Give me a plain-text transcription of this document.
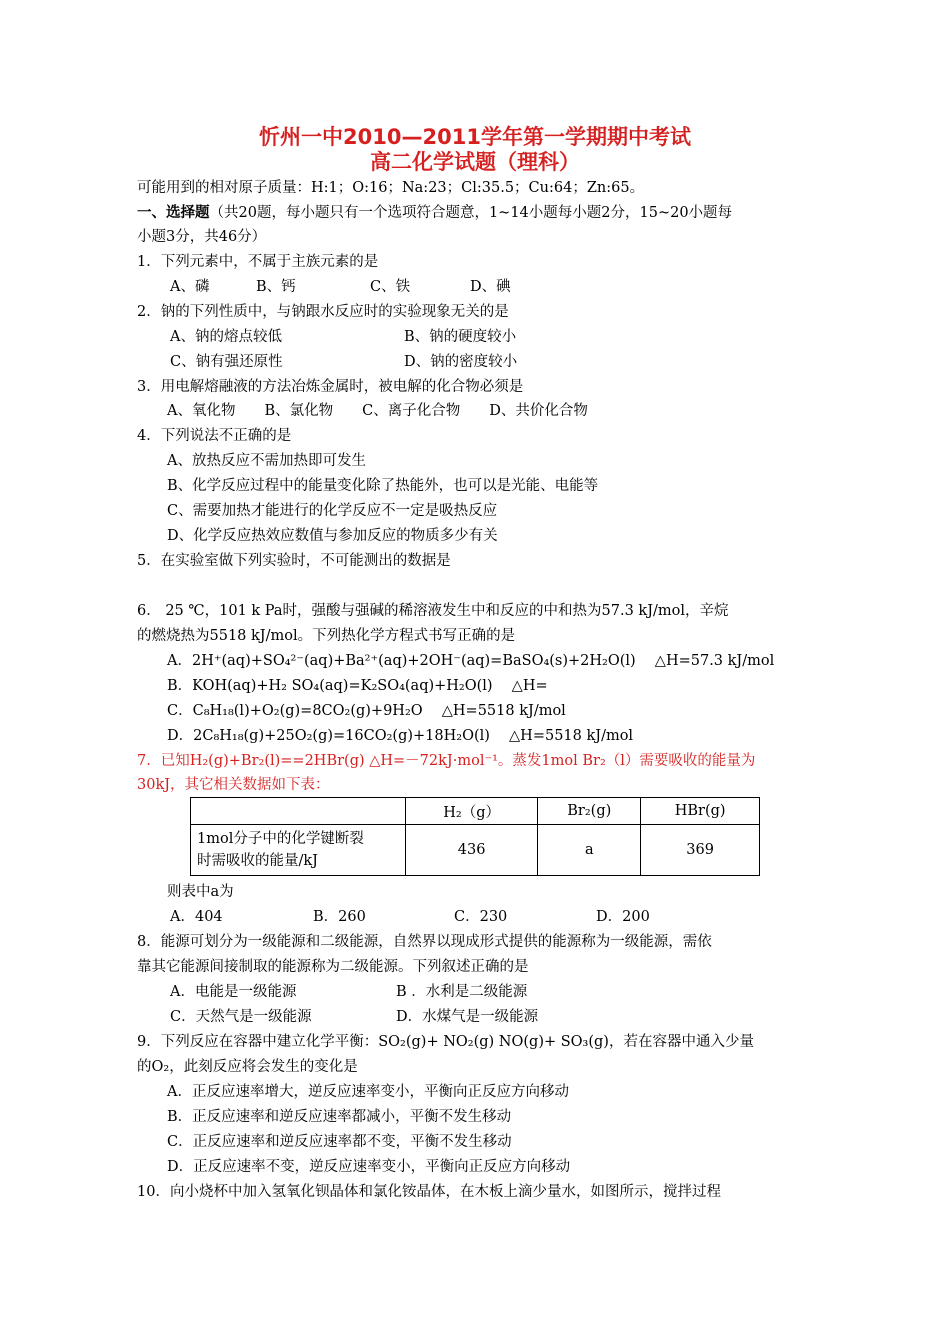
忻州一中2010—2011学年第一学期期中考试
高二化学试题（理科）
可能用到的相对原子质量：H:1；O:16；Na:23；Cl:35.5；Cu:64；Zn:65。
一、选择题（共20题，每小题只有一个选项符合题意，1~14小题每小题2分，15~20小题每
小题3分，共46分）
1．下列元素中，不属于主族元素的是
A、磷	B、钙	C、铁	D、碘
2．钠的下列性质中，与钠跟水反应时的实验现象无关的是
A、钠的熔点较低	B、钠的硬度较小
C、钠有强还原性	D、钠的密度较小
3．用电解熔融液的方法冶炼金属时，被电解的化合物必须是
A、氧化物　　B、氯化物　　C、离子化合物　　D、共价化合物
4．下列说法不正确的是
A、放热反应不需加热即可发生
B、化学反应过程中的能量变化除了热能外，也可以是光能、电能等
C、需要加热才能进行的化学反应不一定是吸热反应
D、化学反应热效应数值与参加反应的物质多少有关
5．在实验室做下列实验时，不可能测出的数据是
6． 25 ℃，101 k Pa时，强酸与强碱的稀溶液发生中和反应的中和热为57.3 kJ/mol，辛烷
的燃烧热为5518 kJ/mol。下列热化学方程式书写正确的是
A．2H⁺(aq)+SO₄²⁻(aq)+Ba²⁺(aq)+2OH⁻(aq)=BaSO₄(s)+2H₂O(l)　 △H=57.3 kJ/mol
B．KOH(aq)+H₂ SO₄(aq)=K₂SO₄(aq)+H₂O(l)　 △H=
C．C₈H₁₈(l)+O₂(g)=8CO₂(g)+9H₂O　 △H=5518 kJ/mol
D．2C₈H₁₈(g)+25O₂(g)=16CO₂(g)+18H₂O(l)　 △H=5518 kJ/mol
7．已知H₂(g)+Br₂(l)==2HBr(g) △H=－72kJ·mol⁻¹。蒸发1mol Br₂（l）需要吸收的能量为
30kJ，其它相关数据如下表：
	H₂（g）	Br₂(g)	HBr(g)
1mol分子中的化学键断裂
时需吸收的能量/kJ	436	a	369
则表中a为
A．404	B．260	C．230	D．200
8．能源可划分为一级能源和二级能源，自然界以现成形式提供的能源称为一级能源，需依
靠其它能源间接制取的能源称为二级能源。下列叙述正确的是
A．电能是一级能源	B ．水利是二级能源
C．天然气是一级能源	D．水煤气是一级能源
9．下列反应在容器中建立化学平衡：SO₂(g)+ NO₂(g) NO(g)+ SO₃(g)，若在容器中通入少量
的O₂，此刻反应将会发生的变化是
A．正反应速率增大，逆反应速率变小，平衡向正反应方向移动
B．正反应速率和逆反应速率都减小，平衡不发生移动
C．正反应速率和逆反应速率都不变，平衡不发生移动
D．正反应速率不变，逆反应速率变小，平衡向正反应方向移动
10．向小烧杯中加入氢氧化钡晶体和氯化铵晶体，在木板上滴少量水，如图所示，搅拌过程
